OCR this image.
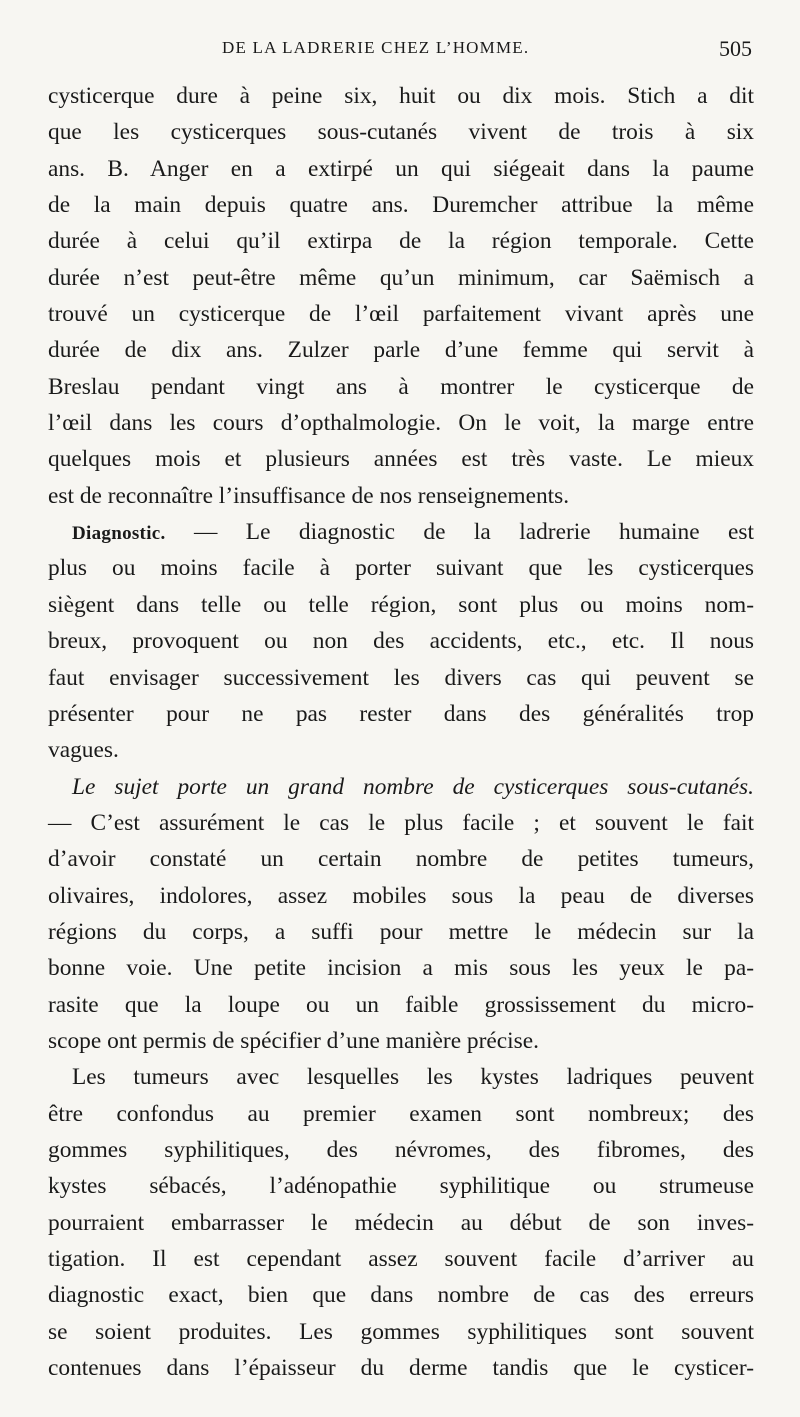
DE LA LADRERIE CHEZ L’HOMME.	505
cysticerque dure à peine six, huit ou dix mois. Stich a dit
que les cysticerques sous-cutanés vivent de trois à six
ans. B. Anger en a extirpé un qui siégeait dans la paume
de la main depuis quatre ans. Duremcher attribue la même
durée à celui qu’il extirpa de la région temporale. Cette
durée n’est peut-être même qu’un minimum, car Saëmisch a
trouvé un cysticerque de l’œil parfaitement vivant après une
durée de dix ans. Zulzer parle d’une femme qui servit à
Breslau pendant vingt ans à montrer le cysticerque de
l’œil dans les cours d’opthalmologie. On le voit, la marge entre
quelques mois et plusieurs années est très vaste. Le mieux
est de reconnaître l’insuffisance de nos renseignements.
Diagnostic. — Le diagnostic de la ladrerie humaine est
plus ou moins facile à porter suivant que les cysticerques
siègent dans telle ou telle région, sont plus ou moins nom-
breux, provoquent ou non des accidents, etc., etc. Il nous
faut envisager successivement les divers cas qui peuvent se
présenter pour ne pas rester dans des généralités trop
vagues.
Le sujet porte un grand nombre de cysticerques sous-cutanés.
— C’est assurément le cas le plus facile ; et souvent le fait
d’avoir constaté un certain nombre de petites tumeurs,
olivaires, indolores, assez mobiles sous la peau de diverses
régions du corps, a suffi pour mettre le médecin sur la
bonne voie. Une petite incision a mis sous les yeux le pa-
rasite que la loupe ou un faible grossissement du micro-
scope ont permis de spécifier d’une manière précise.
Les tumeurs avec lesquelles les kystes ladriques peuvent
être confondus au premier examen sont nombreux; des
gommes syphilitiques, des névromes, des fibromes, des
kystes sébacés, l’adénopathie syphilitique ou strumeuse
pourraient embarrasser le médecin au début de son inves-
tigation. Il est cependant assez souvent facile d’arriver au
diagnostic exact, bien que dans nombre de cas des erreurs
se soient produites. Les gommes syphilitiques sont souvent
contenues dans l’épaisseur du derme tandis que le cysticer-
